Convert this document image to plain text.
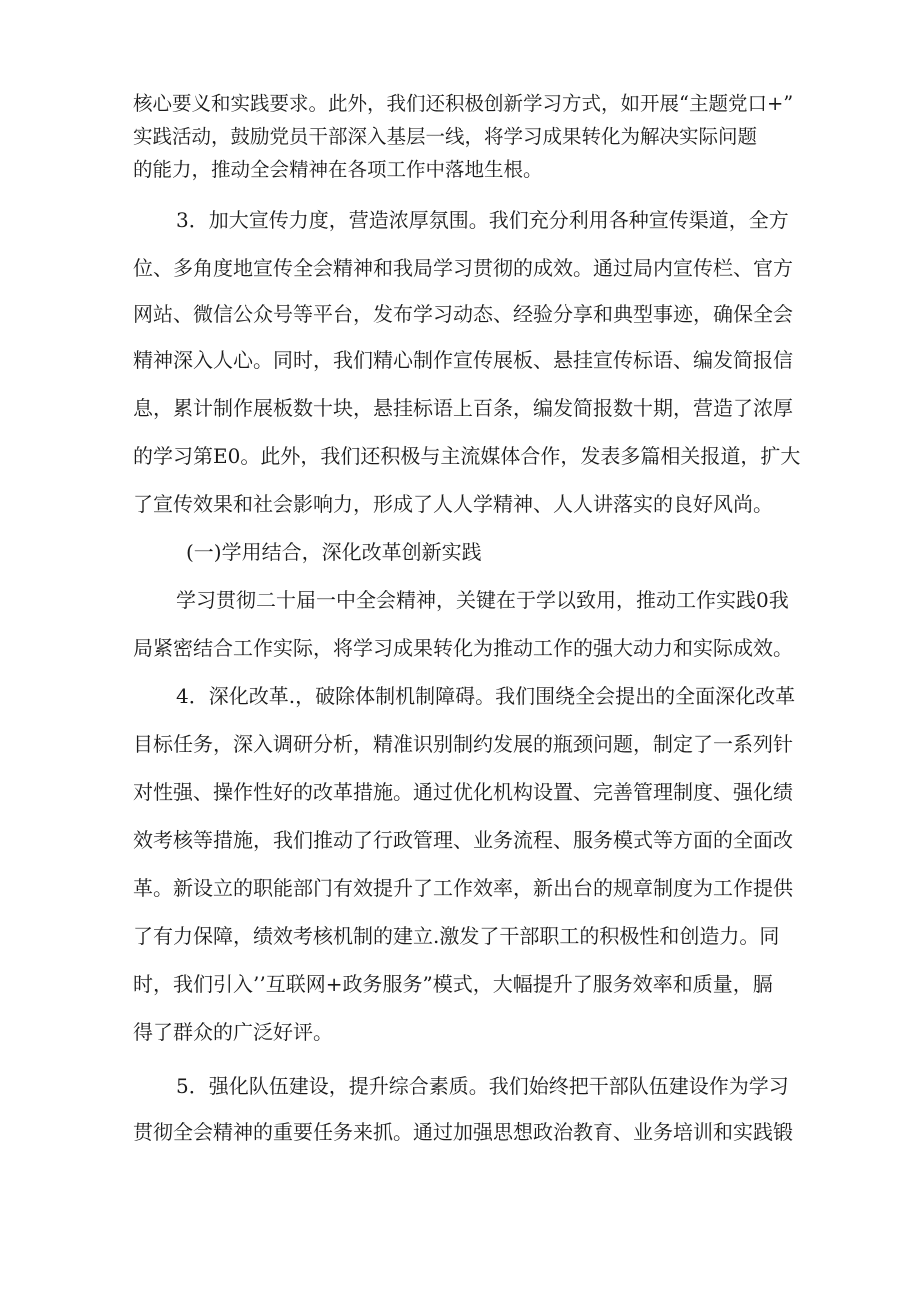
核心要义和实践要求。此外，我们还积极创新学习方式，如开展“主题党口+”
实践活动，鼓励党员干部深入基层一线，将学习成果转化为解决实际问题
的能力，推动全会精神在各项工作中落地生根。
3．加大宣传力度，营造浓厚氛围。我们充分利用各种宣传渠道，全方
位、多角度地宣传全会精神和我局学习贯彻的成效。通过局内宣传栏、官方
网站、微信公众号等平台，发布学习动态、经验分享和典型事迹，确保全会
精神深入人心。同时，我们精心制作宣传展板、悬挂宣传标语、编发简报信
息，累计制作展板数十块，悬挂标语上百条，编发简报数十期，营造了浓厚
的学习第E0。此外，我们还积极与主流媒体合作，发表多篇相关报道，扩大
了宣传效果和社会影响力，形成了人人学精神、人人讲落实的良好风尚。
(一)学用结合，深化改革创新实践
学习贯彻二十届一中全会精神，关键在于学以致用，推动工作实践0我
局紧密结合工作实际，将学习成果转化为推动工作的强大动力和实际成效。
4．深化改革.，破除体制机制障碍。我们围绕全会提出的全面深化改革
目标任务，深入调研分析，精准识别制约发展的瓶颈问题，制定了一系列针
对性强、操作性好的改革措施。通过优化机构设置、完善管理制度、强化绩
效考核等措施，我们推动了行政管理、业务流程、服务模式等方面的全面改
革。新设立的职能部门有效提升了工作效率，新出台的规章制度为工作提供
了有力保障，绩效考核机制的建立.激发了干部职工的积极性和创造力。同
时，我们引入’’互联网+政务服务”模式，大幅提升了服务效率和质量，膈
得了群众的广泛好评。
5．强化队伍建设，提升综合素质。我们始终把干部队伍建设作为学习
贯彻全会精神的重要任务来抓。通过加强思想政治教育、业务培训和实践锻
